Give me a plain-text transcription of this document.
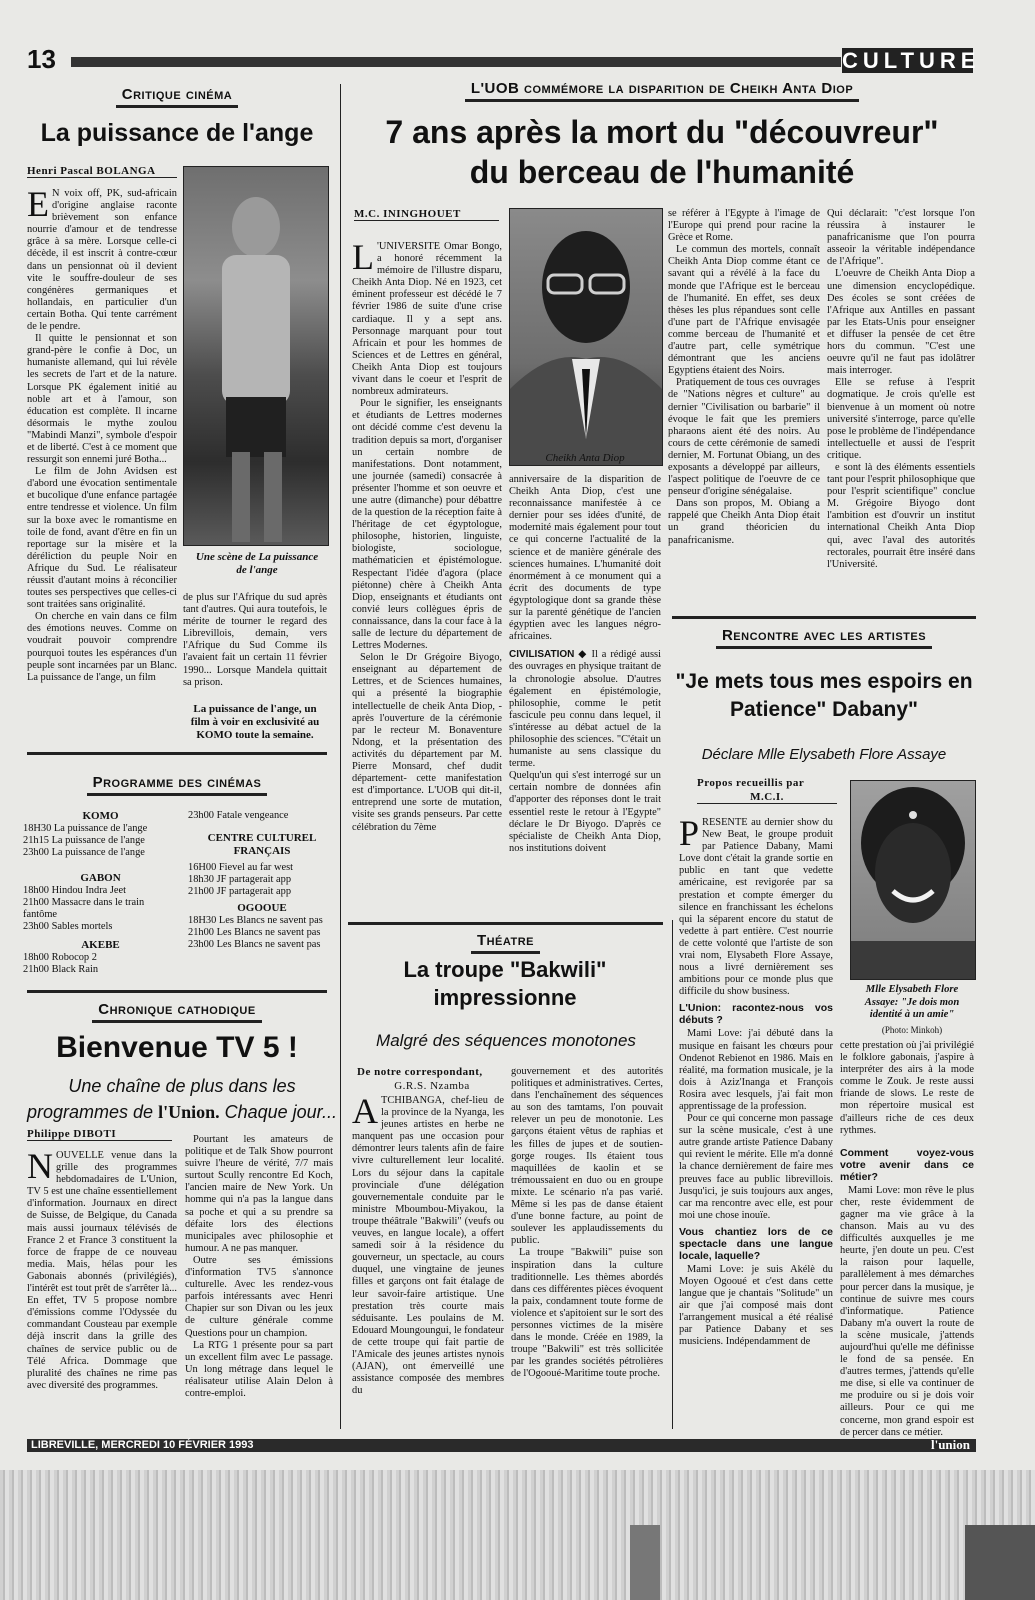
13	CULTURE
Critique cinéma
La puissance de l'ange
Henri Pascal BOLANGA
E N voix off, PK, sud-africain d'origine anglaise raconte brièvement son enfance nourrie d'amour et de tendresse grâce à sa mère. Lorsque celle-ci décède, il est inscrit à contre-cœur dans un pensionnat où il devient vite le souffre-douleur de ses congénères germaniques et hollandais, en particulier d'un certain Botha. Qui tente carrément de le pendre.

Il quitte le pensionnat et son grand-père le confie à Doc, un humaniste allemand, qui lui révèle les secrets de l'art et de la nature. Lorsque PK également initié au noble art et à l'amour, son éducation est complète. Il incarne désormais le mythe zoulou "Mabindi Manzi", symbole d'espoir et de liberté. C'est à ce moment que ressurgit son ennemi juré Botha...

Le film de John Avidsen est d'abord une évocation sentimentale et bucolique d'une enfance partagée entre tendresse et violence. Un film sur la boxe avec le romantisme en toile de fond, avant d'être en fin un reportage sur la misère et la déréliction du peuple Noir en Afrique du Sud. Le réalisateur réussit d'autant moins à réconcilier toutes ses perspectives que celles-ci sont traitées sans originalité.

On cherche en vain dans ce film des émotions neuves. Comme on voudrait pouvoir comprendre pourquoi toutes les espérances d'un peuple sont incarnées par un Blanc. La puissance de l'ange, un film

Une scène de La puissance de l'ange

de plus sur l'Afrique du sud après tant d'autres. Qui aura toutefois, le mérite de tourner le regard des Librevillois, demain, vers l'Afrique du Sud Comme ils l'avaient fait un certain 11 février 1990... Lorsque Mandela quittait sa prison.

La puissance de l'ange, un film à voir en exclusivité au KOMO toute la semaine.

Programme des cinémas
KOMO
18H30 La puissance de l'ange
21h15 La puissance de l'ange
23h00 La puissance de l'ange
GABON
18h00 Hindou Indra Jeet
21h00 Massacre dans le train fantôme
23h00 Sables mortels
AKEBE
18h00 Robocop 2
21h00 Black Rain
23h00 Fatale vengeance
CENTRE CULTUREL FRANÇAIS
16H00 Fievel au far west
18h30 JF partagerait app
21h00 JF partagerait app
OGOOUE
18H30 Les Blancs ne savent pas
21h00 Les Blancs ne savent pas
23h00 Les Blancs ne savent pas
Chronique cathodique
Bienvenue TV 5 !
Une chaîne de plus dans les programmes de l'Union. Chaque jour...
Philippe DIBOTI
N OUVELLE venue dans la grille des programmes hebdomadaires de L'Union, TV 5 est une chaîne essentiellement d'information. Journaux en direct de Suisse, de Belgique, du Canada mais aussi journaux télévisés de France 2 et France 3 constituent la force de frappe de ce nouveau media. Mais, hélas pour les Gabonais abonnés (privilégiés), l'intérêt est tout prêt de s'arrêter là... En effet, TV 5 propose nombre d'émissions comme l'Odyssée du commandant Cousteau par exemple déjà inscrit dans la grille des chaînes de service public ou de Télé Africa. Dommage que pluralité des chaînes ne rime pas avec diversité des programmes.

Pourtant les amateurs de politique et de Talk Show pourront suivre l'heure de vérité, 7/7 mais surtout Scully rencontre Ed Koch, l'ancien maire de New York. Un homme qui n'a pas la langue dans sa poche et qui a su prendre sa défaite lors des élections municipales avec philosophie et humour. A ne pas manquer.

Outre ses émissions d'information TV5 s'annonce culturelle. Avec les rendez-vous parfois intéressants avec Henri Chapier sur son Divan ou les jeux de culture générale comme Questions pour un champion.

La RTG 1 présente pour sa part un excellent film avec Le passage. Un long métrage dans lequel le réalisateur utilise Alain Delon à contre-emploi.

L'UOB commémore la disparition de Cheikh Anta Diop
7 ans après la mort du "découvreur"
du berceau de l'humanité
M.C. ININGHOUET
L 'UNIVERSITE Omar Bongo, a honoré récemment la mémoire de l'illustre disparu, Cheikh Anta Diop. Né en 1923, cet éminent professeur est décédé le 7 février 1986 de suite d'une crise cardiaque. Il y a sept ans. Personnage marquant pour tout Africain et pour les hommes de Sciences et de Lettres en général, Cheikh Anta Diop est toujours vivant dans le coeur et l'esprit de nombreux admirateurs.

Pour le signifier, les enseignants et étudiants de Lettres modernes ont décidé comme c'est devenu la tradition depuis sa mort, d'organiser un certain nombre de manifestations. Dont notamment, une journée (samedi) consacrée à présenter l'homme et son oeuvre et une autre (dimanche) pour débattre de la question de la réception faite à l'héritage de cet égyptologue, philosophe, historien, linguiste, biologiste, sociologue, mathématicien et épistémologue. Respectant l'idée d'agora (place piétonne) chère à Cheikh Anta Diop, enseignants et étudiants ont convié leurs collègues épris de connaissance, dans la cour face à la salle de lecture du département de Lettres Modernes.

Selon le Dr Grégoire Biyogo, enseignant au département de Lettres, et de Sciences humaines, qui a présenté la biographie intellectuelle de cheik Anta Diop, -après l'ouverture de la cérémonie par le recteur M. Bonaventure Ndong, et la présentation des activités du département par M. Pierre Monsard, chef dudit département- cette manifestation est d'importance. L'UOB qui dit-il, entreprend une sorte de mutation, visite ses grands penseurs. Par cette célébration du 7ème

Cheikh Anta Diop

anniversaire de la disparition de Cheikh Anta Diop, c'est une reconnaissance manifestée à ce dernier pour ses idées d'unité, de modernité mais également pour tout ce qui concerne l'actualité de la science et de manière générale des sciences humaines. L'humanité doit énormément à ce monument qui a écrit des documents de type égyptologique dont sa grande thèse sur la parenté génétique de l'ancien égyptien avec les langues négro-africaines.

CIVILISATION ◆ Il a rédigé aussi des ouvrages en physique traitant de la chronologie absolue. D'autres également en épistémologie, philosophie, comme le petit fascicule peu connu dans lequel, il s'intéresse au débat actuel de la philosophie des sciences. "C'était un humaniste au sens classique du terme.

Quelqu'un qui s'est interrogé sur un certain nombre de données afin d'apporter des réponses dont le trait essentiel reste le retour à l'Egypte" déclare le Dr Biyogo. D'après ce spécialiste de Cheikh Anta Diop, nos institutions doivent

se référer à l'Egypte à l'image de l'Europe qui prend pour racine la Grèce et Rome.

Le commun des mortels, connaît Cheikh Anta Diop comme étant ce savant qui a révélé à la face du monde que l'Afrique est le berceau de l'humanité. En effet, ses deux thèses les plus répandues sont celle d'une part de l'Afrique envisagée comme berceau de l'humanité et d'autre part, celle symétrique démontrant que les anciens Egyptiens étaient des Noirs.

Pratiquement de tous ces ouvrages de "Nations nègres et culture" au dernier "Civilisation ou barbarie" il évoque le fait que les premiers pharaons aient été des noirs. Au cours de cette cérémonie de samedi dernier, M. Fortunat Obiang, un des exposants a développé par ailleurs, l'aspect politique de l'oeuvre de ce penseur d'origine sénégalaise.

Dans son propos, M. Obiang a rappelé que Cheikh Anta Diop était un grand théoricien du panafricanisme.

Qui déclarait: "c'est lorsque l'on réussira à instaurer le panafricanisme que l'on pourra asseoir la véritable indépendance de l'Afrique".

L'oeuvre de Cheikh Anta Diop a une dimension encyclopédique. Des écoles se sont créées de l'Afrique aux Antilles en passant par les Etats-Unis pour enseigner et diffuser la pensée de cet être hors du commun. "C'est une oeuvre qu'il ne faut pas idolâtrer mais interroger.

Elle se refuse à l'esprit dogmatique. Je crois qu'elle est bienvenue à un moment où notre université s'interroge, parce qu'elle pose le problème de l'indépendance intellectuelle et aussi de l'esprit critique.

e sont là des éléments essentiels tant pour l'esprit philosophique que pour l'esprit scientifique" conclue M. Grégoire Biyogo dont l'ambition est d'ouvrir un institut international Cheikh Anta Diop qui, avec l'aval des autorités rectorales, pourrait être inséré dans l'Université.

Théatre
La troupe "Bakwili" impressionne
Malgré des séquences monotones
De notre correspondant,
G.R.S. Nzamba
A TCHIBANGA, chef-lieu de la province de la Nyanga, les jeunes artistes en herbe ne manquent pas une occasion pour démontrer leurs talents afin de faire vivre culturellement leur localité. Lors du séjour dans la capitale provinciale d'une délégation gouvernementale conduite par le ministre Mboumbou-Miyakou, la troupe théâtrale "Bakwili" (veufs ou veuves, en langue locale), a offert samedi soir à la résidence du gouverneur, un spectacle, au cours duquel, une vingtaine de jeunes filles et garçons ont fait étalage de leur savoir-faire artistique. Une prestation très courte mais séduisante. Les poulains de M. Edouard Moungoungui, le fondateur de cette troupe qui fait partie de l'Amicale des jeunes artistes nynois (AJAN), ont émerveillé une assistance composée des membres du

gouvernement et des autorités politiques et administratives. Certes, dans l'enchaînement des séquences au son des tamtams, l'on pouvait relever un peu de monotonie. Les garçons étaient vêtus de raphias et les filles de jupes et de soutien-gorge rouges. Ils étaient tous maquillées de kaolin et se trémoussaient en duo ou en groupe mixte. Le scénario n'a pas varié. Même si les pas de danse étaient d'une bonne facture, au point de soulever les applaudissements du public.

La troupe "Bakwili" puise son inspiration dans la culture traditionnelle. Les thèmes abordés dans ces différentes pièces évoquent la paix, condamnent toute forme de violence et s'apitoient sur le sort des personnes victimes de la misère dans le monde. Créée en 1989, la troupe "Bakwili" est très sollicitée par les grandes sociétés pétrolières de l'Ogooué-Maritime toute proche.

Rencontre avec les artistes
"Je mets tous mes espoirs en Patience" Dabany"
Déclare Mlle Elysabeth Flore Assaye
Propos recueillis par
M.C.I.
P RESENTE au dernier show du New Beat, le groupe produit par Patience Dabany, Mami Love dont c'était la grande sortie en public en tant que vedette américaine, est revigorée par sa prestation et compte émerger du silence en franchissant les échelons qui la séparent encore du statut de vedette à part entière. C'est nourrie de cette volonté que l'artiste de son vrai nom, Elysabeth Flore Assaye, nous a livré dernièrement ses ambitions pour ce monde plus que difficile du show business.

L'Union: racontez-nous vos débuts ?

Mami Love: j'ai débuté dans la musique en faisant les chœurs pour Ondenot Rebienot en 1986. Mais en réalité, ma formation musicale, je la dois à Aziz'Inanga et François Rosira avec lesquels, j'ai fait mon apprentissage de la profession.

Pour ce qui concerne mon passage sur la scène musicale, c'est à une autre grande artiste Patience Dabany qui revient le mérite. Elle m'a donné la chance dernièrement de faire mes preuves face au public librevillois. Jusqu'ici, je suis toujours aux anges, car ma rencontre avec elle, est pour moi une chose inouïe.

Vous chantiez lors de ce spectacle dans une langue locale, laquelle?

Mami Love: je suis Akélè du Moyen Ogooué et c'est dans cette langue que je chantais "Solitude" un air que j'ai composé mais dont l'arrangement musical a été réalisé par Patience Dabany et ses musiciens. Indépendamment de

Mlle Elysabeth Flore Assaye: "Je dois mon identité à un amie"
(Photo: Minkoh)

cette prestation où j'ai privilégié le folklore gabonais, j'aspire à interpréter des airs à la mode comme le Zouk. Je reste aussi friande de slows. Le reste de mon répertoire musical est d'ailleurs riche de ces deux rythmes.

Comment voyez-vous votre avenir dans ce métier?

Mami Love: mon rêve le plus cher, reste évidemment de gagner ma vie grâce à la chanson. Mais au vu des difficultés auxquelles je me heurte, j'en doute un peu. C'est la raison pour laquelle, parallèlement à mes démarches pour percer dans la musique, je continue de suivre mes cours d'informatique. Patience Dabany m'a ouvert la route de la scène musicale, j'attends aujourd'hui qu'elle me définisse le fond de sa pensée. En d'autres termes, j'attends qu'elle me dise, si elle va continuer de me produire ou si je dois voir ailleurs. Pour ce qui me concerne, mon grand espoir est de percer dans ce métier.

LIBREVILLE, MERCREDI 10 FÉVRIER 1993	l'union
